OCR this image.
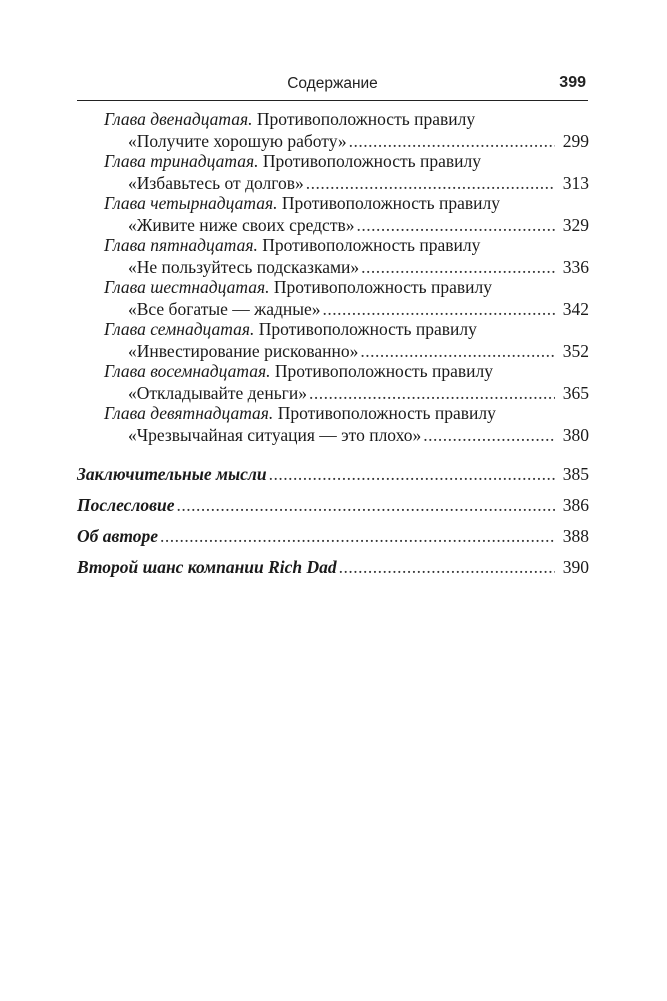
Содержание	399
Глава двенадцатая. Противоположность правилу
«Получите хорошую работу» .....	299
Глава тринадцатая. Противоположность правилу
«Избавьтесь от долгов» .....	313
Глава четырнадцатая. Противоположность правилу
«Живите ниже своих средств» .....	329
Глава пятнадцатая. Противоположность правилу
«Не пользуйтесь подсказками» .....	336
Глава шестнадцатая. Противоположность правилу
«Все богатые — жадные» .....	342
Глава семнадцатая. Противоположность правилу
«Инвестирование рискованно» .....	352
Глава восемнадцатая. Противоположность правилу
«Откладывайте деньги» .....	365
Глава девятнадцатая. Противоположность правилу
«Чрезвычайная ситуация — это плохо» .....	380
Заключительные мысли .....	385
Послесловие .....	386
Об авторе .....	388
Второй шанс компании Rich Dad .....	390
